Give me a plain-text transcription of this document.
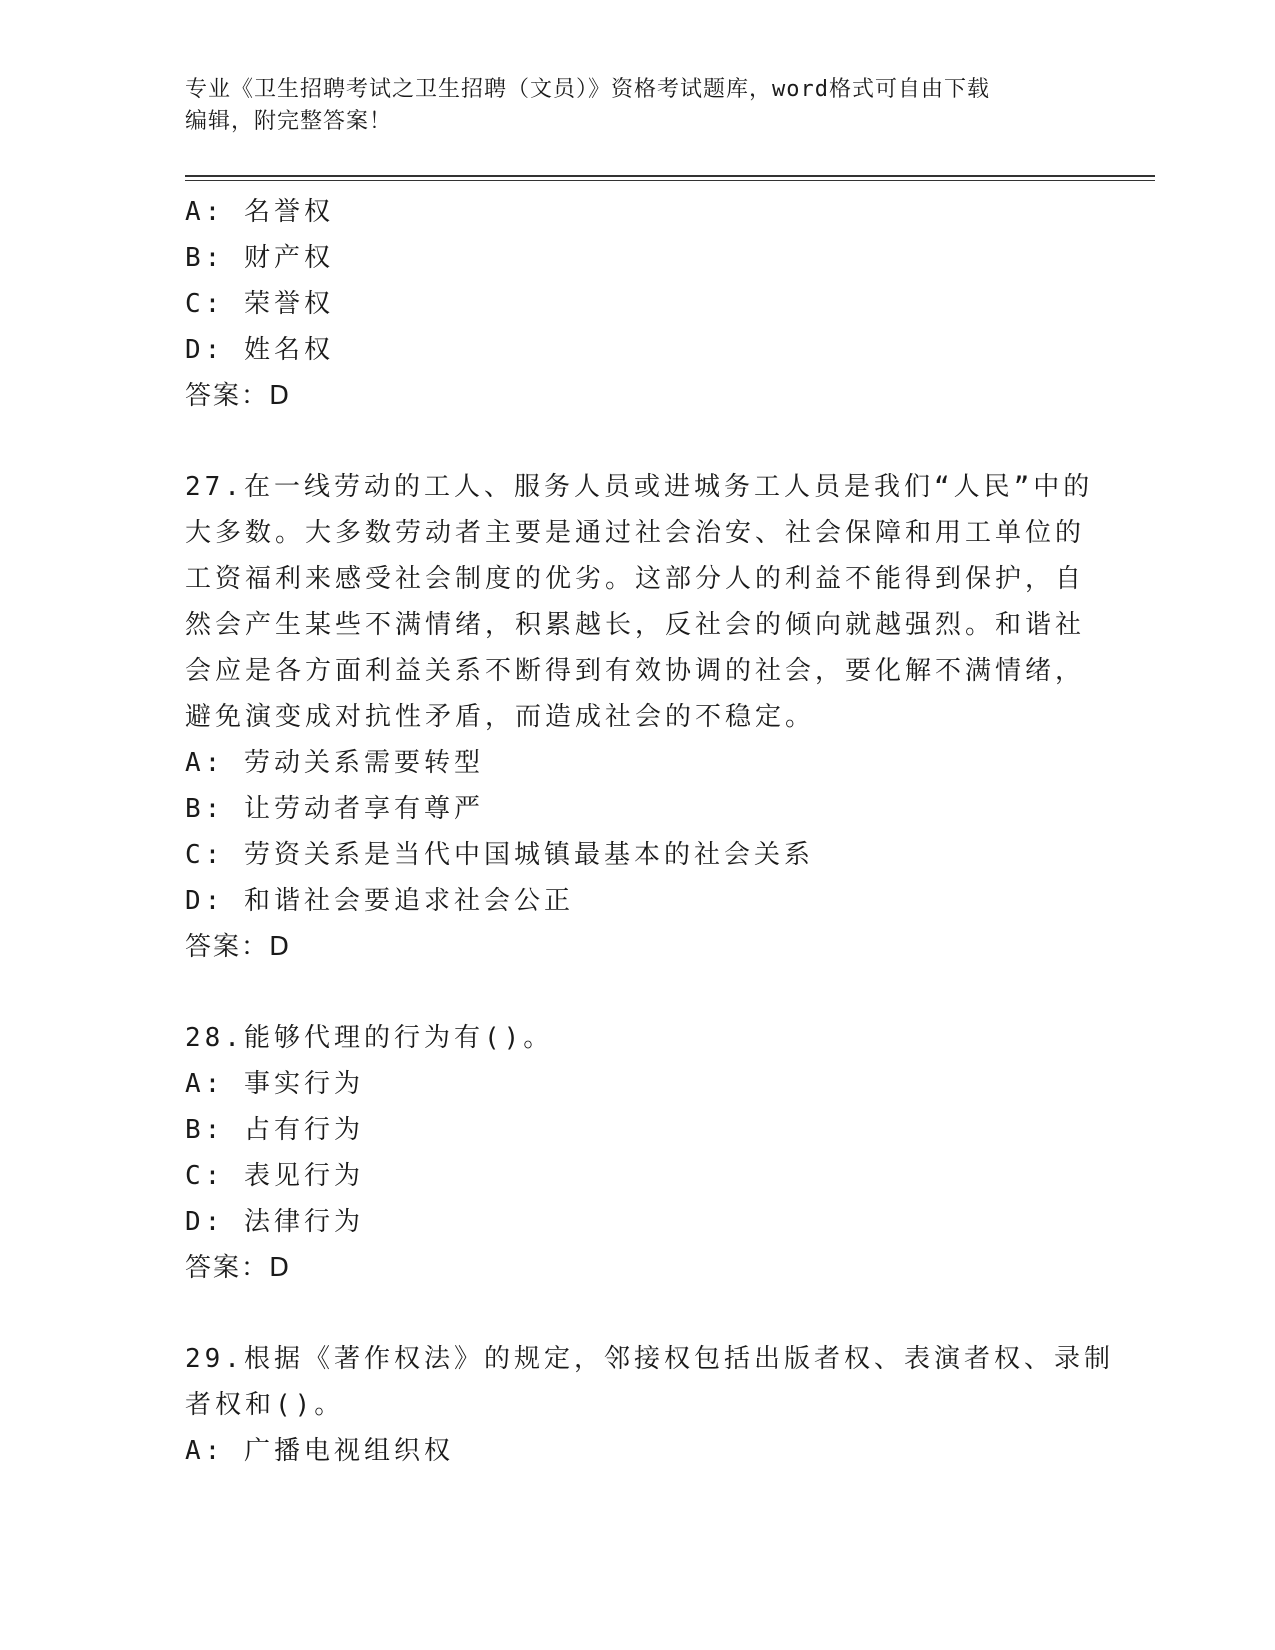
专业《卫生招聘考试之卫生招聘（文员）》资格考试题库，word格式可自由下载
编辑，附完整答案！
A: 名誉权
B: 财产权
C: 荣誉权
D: 姓名权
答案：D
27.在一线劳动的工人、服务人员或进城务工人员是我们“人民”中的
大多数。大多数劳动者主要是通过社会治安、社会保障和用工单位的
工资福利来感受社会制度的优劣。这部分人的利益不能得到保护，自
然会产生某些不满情绪，积累越长，反社会的倾向就越强烈。和谐社
会应是各方面利益关系不断得到有效协调的社会，要化解不满情绪，
避免演变成对抗性矛盾，而造成社会的不稳定。
A: 劳动关系需要转型
B: 让劳动者享有尊严
C: 劳资关系是当代中国城镇最基本的社会关系
D: 和谐社会要追求社会公正
答案：D
28.能够代理的行为有()。
A: 事实行为
B: 占有行为
C: 表见行为
D: 法律行为
答案：D
29.根据《著作权法》的规定，邻接权包括出版者权、表演者权、录制
者权和()。
A: 广播电视组织权
